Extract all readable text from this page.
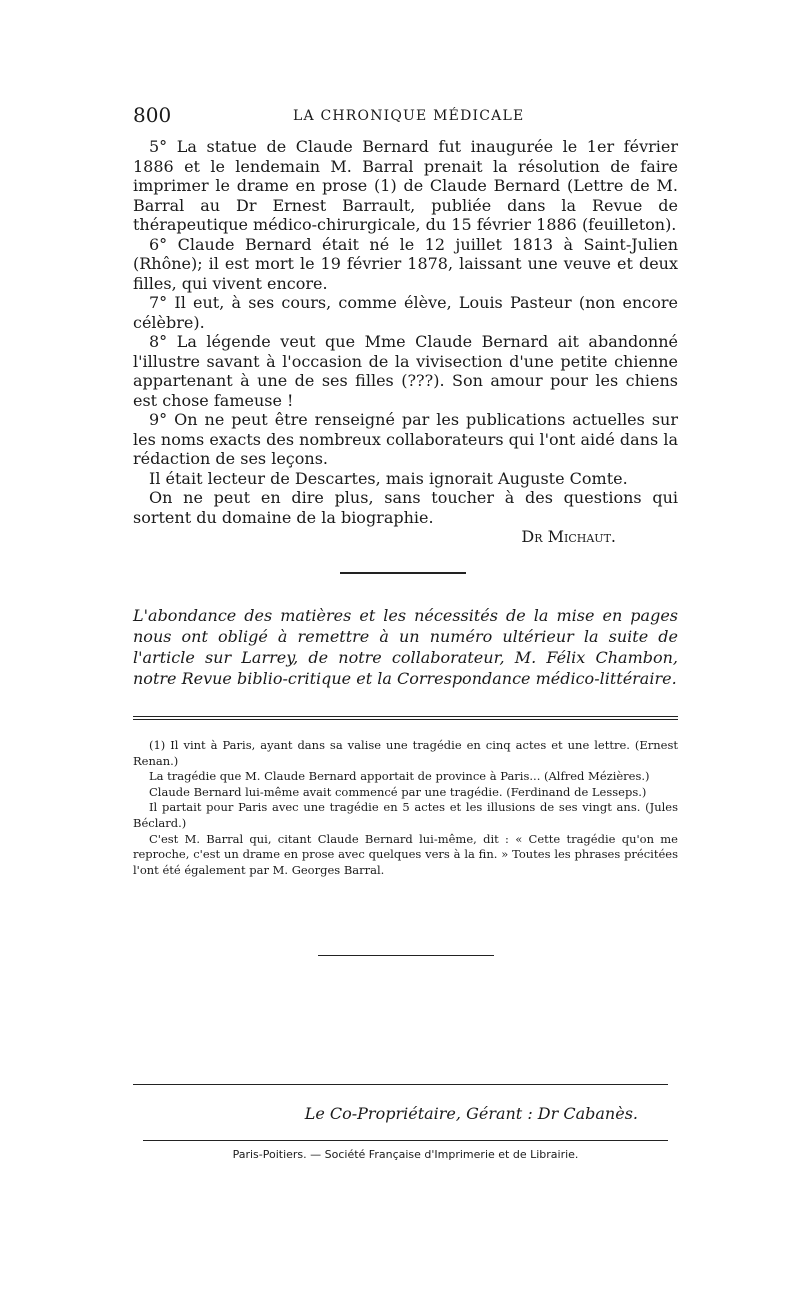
800	LA CHRONIQUE MÉDICALE

5° La statue de Claude Bernard fut inaugurée le 1er février 1886 et le lendemain M. Barral prenait la résolution de faire imprimer le drame en prose (1) de Claude Bernard (Lettre de M. Barral au Dr Ernest Barrault, publiée dans la Revue de thérapeutique médico-chirurgicale, du 15 février 1886 (feuilleton).

6° Claude Bernard était né le 12 juillet 1813 à Saint-Julien (Rhône); il est mort le 19 février 1878, laissant une veuve et deux filles, qui vivent encore.

7° Il eut, à ses cours, comme élève, Louis Pasteur (non encore célèbre).

8° La légende veut que Mme Claude Bernard ait abandonné l'illustre savant à l'occasion de la vivisection d'une petite chienne appartenant à une de ses filles (???). Son amour pour les chiens est chose fameuse !

9° On ne peut être renseigné par les publications actuelles sur les noms exacts des nombreux collaborateurs qui l'ont aidé dans la rédaction de ses leçons.

Il était lecteur de Descartes, mais ignorait Auguste Comte.

On ne peut en dire plus, sans toucher à des questions qui sortent du domaine de la biographie.

Dr Michaut.

L'abondance des matières et les nécessités de la mise en pages nous ont obligé à remettre à un numéro ultérieur la suite de l'article sur Larrey, de notre collaborateur, M. Félix Chambon, notre Revue biblio-critique et la Correspondance médico-littéraire.

(1) Il vint à Paris, ayant dans sa valise une tragédie en cinq actes et une lettre. (Ernest Renan.)

La tragédie que M. Claude Bernard apportait de province à Paris... (Alfred Mézières.)

Claude Bernard lui-même avait commencé par une tragédie. (Ferdinand de Lesseps.)

Il partait pour Paris avec une tragédie en 5 actes et les illusions de ses vingt ans. (Jules Béclard.)

C'est M. Barral qui, citant Claude Bernard lui-même, dit : « Cette tragédie qu'on me reproche, c'est un drame en prose avec quelques vers à la fin. » Toutes les phrases précitées l'ont été également par M. Georges Barral.

Le Co-Propriétaire, Gérant : Dr Cabanès.
Paris-Poitiers. — Société Française d'Imprimerie et de Librairie.
